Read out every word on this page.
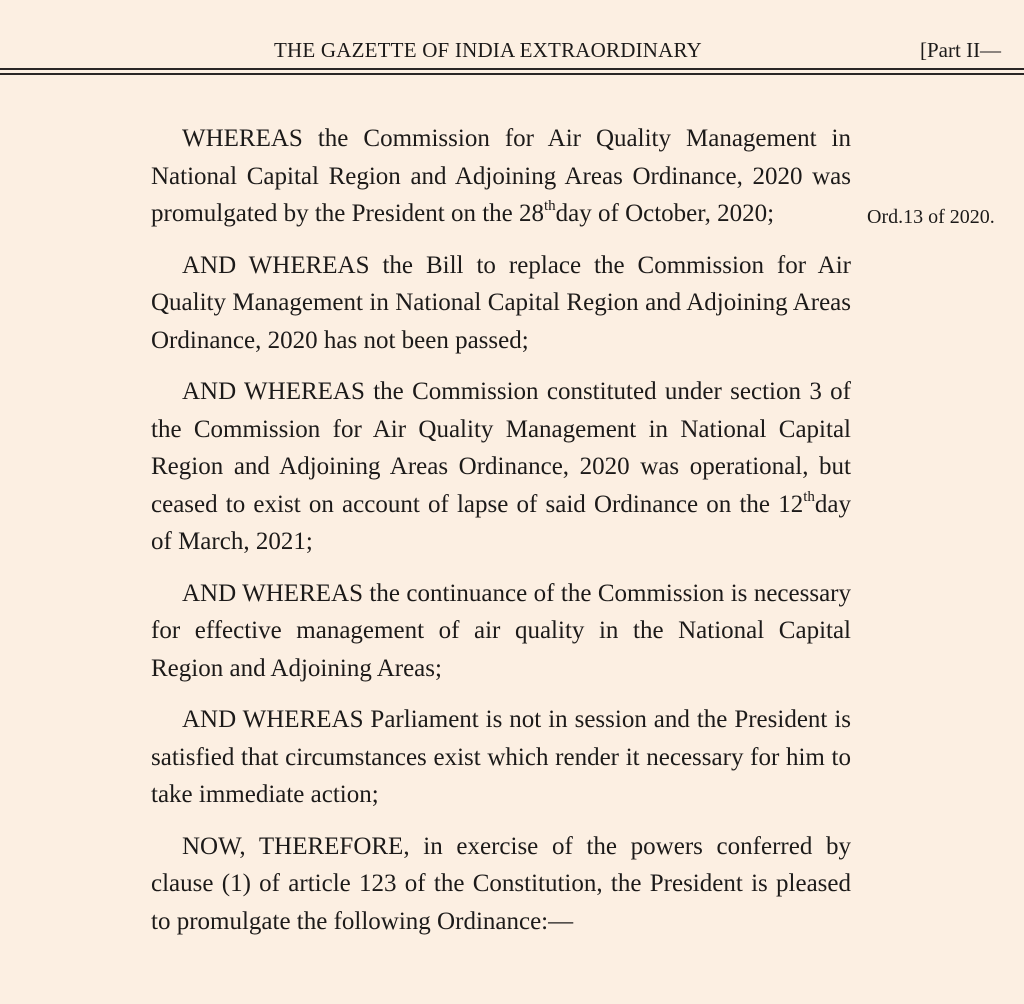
THE GAZETTE OF INDIA EXTRAORDINARY	[Part II—
Ord.13 of 2020.

WHEREAS the Commission for Air Quality Management in National Capital Region and Adjoining Areas Ordinance, 2020 was promulgated by the President on the 28thday of October, 2020;

AND WHEREAS the Bill to replace the Commission for Air Quality Management in National Capital Region and Adjoining Areas Ordinance, 2020 has not been passed;

AND WHEREAS the Commission constituted under section 3 of the Commission for Air Quality Management in National Capital Region and Adjoining Areas Ordinance, 2020 was operational, but ceased to exist on account of lapse of said Ordinance on the 12thday of March, 2021;

AND WHEREAS the continuance of the Commission is necessary for effective management of air quality in the National Capital Region and Adjoining Areas;

AND WHEREAS Parliament is not in session and the President is satisfied that circumstances exist which render it necessary for him to take immediate action;

NOW, THEREFORE, in exercise of the powers conferred by clause (1) of article 123 of the Constitution, the President is pleased to promulgate the following Ordinance:—
